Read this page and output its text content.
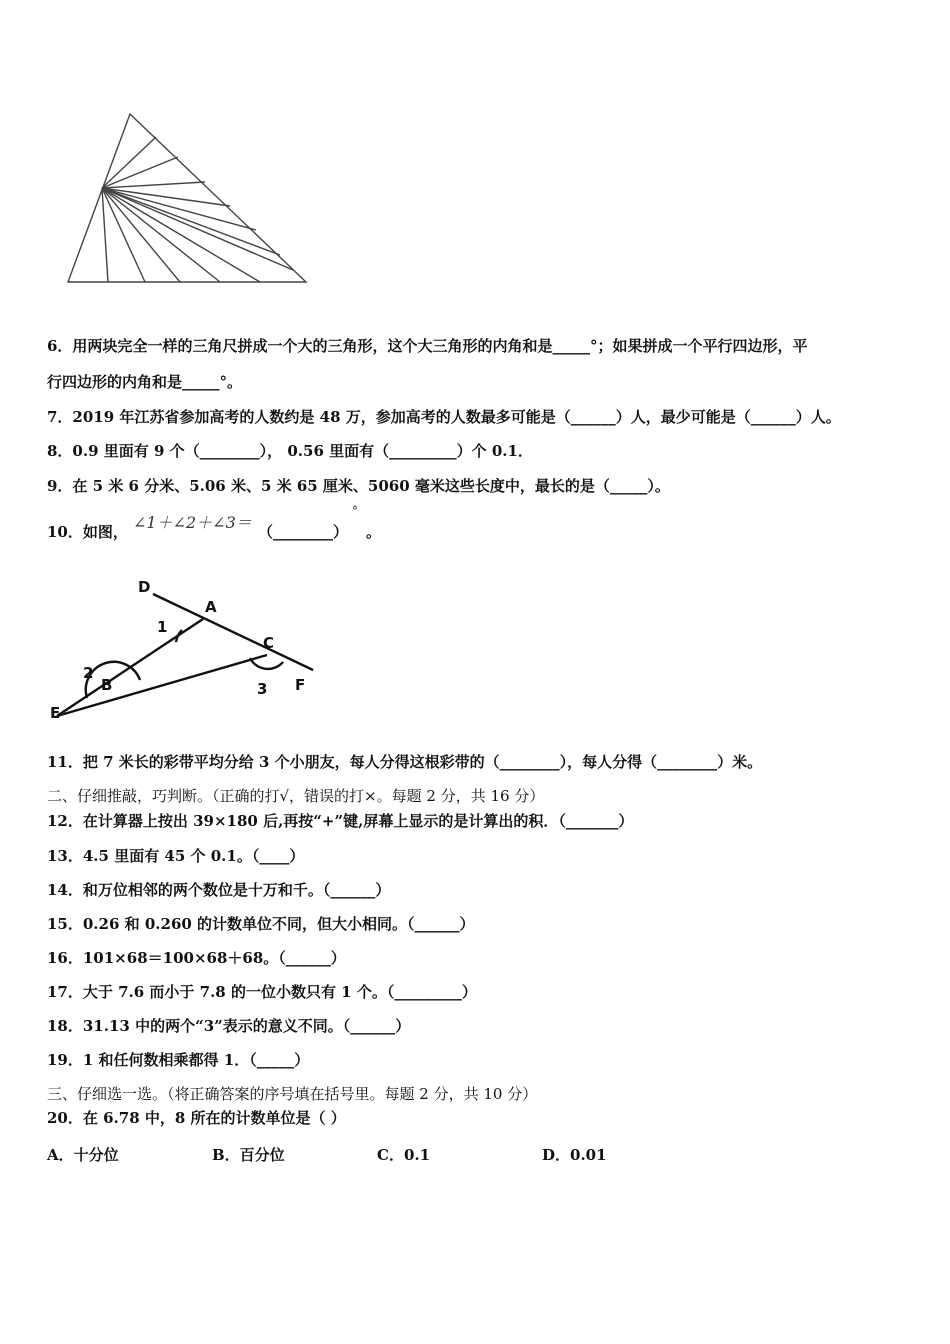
6．用两块完全一样的三角尺拼成一个大的三角形，这个大三角形的内角和是_____°；如果拼成一个平行四边形，平
行四边形的内角和是_____°。
7．2019 年江苏省参加高考的人数约是 48 万，参加高考的人数最多可能是（______）人，最少可能是（______）人。
8．0.9 里面有 9 个（________）， 0.56 里面有（_________）个 0.1．
9．在 5 米 6 分米、5.06 米、5 米 65 厘米、5060 毫米这些长度中，最长的是（_____）。
10．如图， ∠1＋∠2＋∠3＝ （________）
°
。
D
A
C
B
E
F
1
2
3
11．把 7 米长的彩带平均分给 3 个小朋友，每人分得这根彩带的（________），每人分得（________）米。
二、仔细推敲，巧判断。（正确的打√，错误的打×。每题 2 分，共 16 分）
12．在计算器上按出 39×180 后,再按“+”键,屏幕上显示的是计算出的积．（_______）
13．4.5 里面有 45 个 0.1。（____）
14．和万位相邻的两个数位是十万和千。（______）
15．0.26 和 0.260 的计数单位不同，但大小相同。（______）
16．101×68＝100×68＋68。（______）
17．大于 7.6 而小于 7.8 的一位小数只有 1 个。（_________）
18．31.13 中的两个“3”表示的意义不同。（______）
19．1 和任何数相乘都得 1．（_____）
三、仔细选一选。（将正确答案的序号填在括号里。每题 2 分，共 10 分）
20．在 6.78 中，8 所在的计数单位是（ ）
A．十分位	B．百分位	C．0.1	D．0.01
